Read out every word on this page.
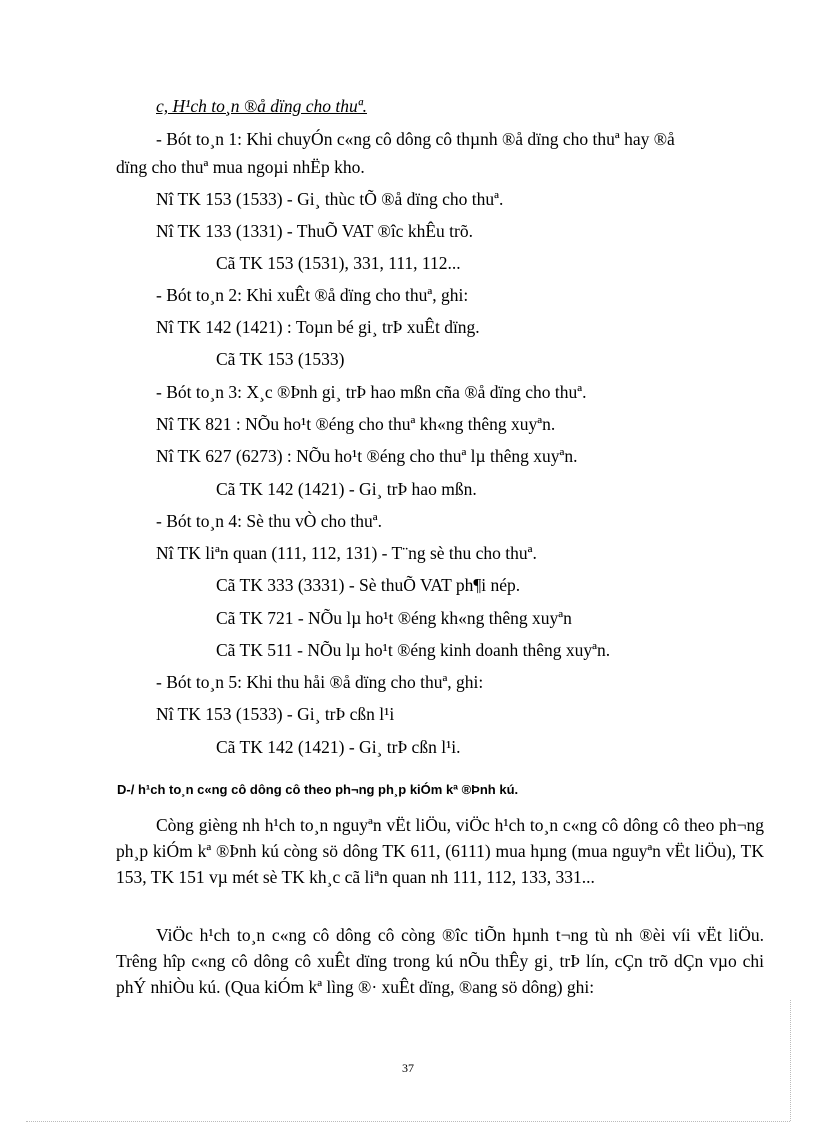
c, H¹ch to¸n ®å dïng cho thuª.
- Bót to¸n 1: Khi chuyÓn c«ng cô dông cô thµnh ®å dïng cho thuª hay ®å
dïng cho thuª mua ngoµi nhËp kho.
Nî TK 153 (1533) - Gi¸ thùc tÕ ®å dïng cho thuª.
Nî TK 133 (1331) - ThuÕ VAT ®îc khÊu trõ.
Cã TK 153 (1531), 331, 111, 112...
- Bót to¸n 2: Khi xuÊt ®å dïng cho thuª, ghi:
Nî TK 142 (1421) : Toµn bé gi¸ trÞ xuÊt dïng.
Cã TK 153 (1533)
- Bót to¸n 3: X¸c ®Þnh gi¸ trÞ hao mßn cña ®å dïng cho thuª.
Nî TK 821 : NÕu ho¹t ®éng cho thuª kh«ng thêng xuyªn.
Nî TK 627 (6273) : NÕu ho¹t ®éng cho thuª lµ thêng xuyªn.
Cã TK 142 (1421) - Gi¸ trÞ hao mßn.
- Bót to¸n 4: Sè thu vÒ cho thuª.
Nî TK liªn quan (111, 112, 131) - T¨ng sè thu cho thuª.
Cã TK 333 (3331) - Sè thuÕ VAT ph¶i nép.
Cã TK 721 - NÕu lµ ho¹t ®éng kh«ng thêng xuyªn
Cã TK 511 - NÕu lµ ho¹t ®éng kinh doanh thêng xuyªn.
- Bót to¸n 5: Khi thu håi ®å dïng cho thuª, ghi:
Nî TK 153 (1533) - Gi¸ trÞ cßn l¹i
Cã TK 142 (1421) - Gi¸ trÞ cßn l¹i.
D-/ h¹ch to¸n c«ng cô dông cô theo ph¬ng ph¸p kiÓm kª ®Þnh kú.
Còng gièng nh h¹ch to¸n nguyªn vËt liÖu, viÖc h¹ch to¸n c«ng cô dông cô theo ph¬ng ph¸p kiÓm kª ®Þnh kú còng sö dông TK 611, (6111) mua hµng (mua nguyªn vËt liÖu), TK 153, TK 151 vµ mét sè TK kh¸c cã liªn quan nh 111, 112, 133, 331...
ViÖc h¹ch to¸n c«ng cô dông cô còng ®îc tiÕn hµnh t¬ng tù nh ®èi víi vËt liÖu. Trêng hîp c«ng cô dông cô xuÊt dïng trong kú nÕu thÊy gi¸ trÞ lín, cÇn trõ dÇn vµo chi phÝ nhiÒu kú. (Qua kiÓm kª lìng ®· xuÊt dïng, ®ang sö dông) ghi:
37
